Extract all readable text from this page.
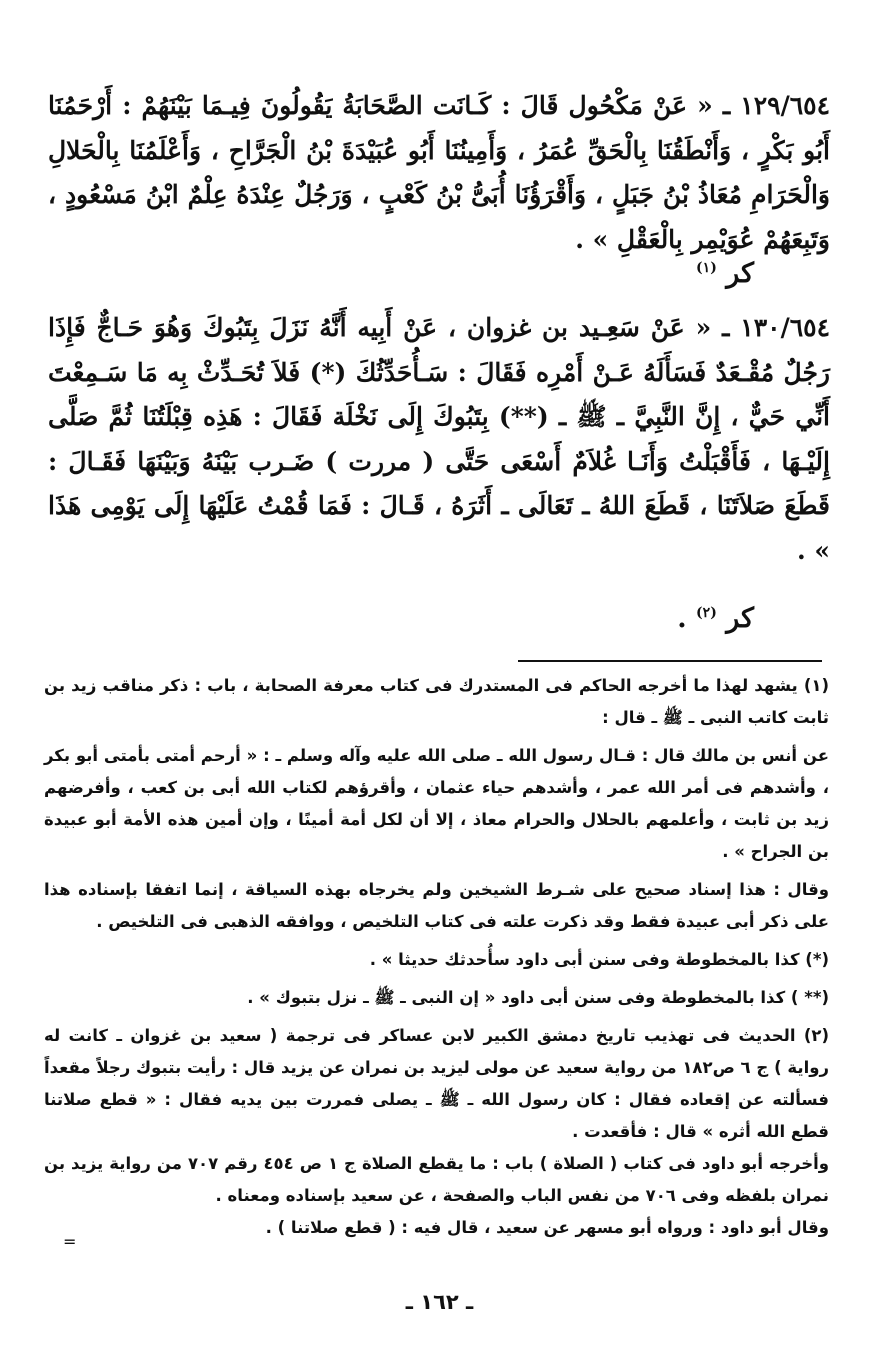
١٢٩/٦٥٤ ـ « عَنْ مَكْحُول قَالَ : كَـانَت الصَّحَابَةُ يَقُولُونَ فِيـمَا بَيْنَهُمْ : أَرْحَمُنَا أَبُو بَكْرٍ ، وَأَنْطَقُنَا بِالْحَقِّ عُمَرُ ، وَأَمِينُنَا أَبُو عُبَيْدَةَ بْنُ الْجَرَّاحِ ، وَأَعْلَمُنَا بِالْحَلالِ وَالْحَرَامِ مُعَاذُ بْنُ جَبَلٍ ، وَأَقْرَؤُنَا أُبَىُّ بْنُ كَعْبٍ ، وَرَجُلٌ عِنْدَهُ عِلْمٌ ابْنُ مَسْعُودٍ ، وَتَبِعَهُمْ عُوَيْمِر بِالْعَقْلِ » .

كر $^{(١)}$

١٣٠/٦٥٤ ـ « عَنْ سَعِـيد بن غزوان ، عَنْ أَبِيه أَنَّهُ نَزَلَ بِتَبُوكَ وَهُوَ حَـاجٌّ فَإِذَا رَجُلٌ مُقْـعَدٌ فَسَأَلَهُ عَـنْ أَمْرِه فَقَالَ : سَـأُحَدِّثُكَ (*) فَلاَ تُحَـدِّثْ بِه مَا سَـمِعْتَ أَنِّي حَيٌّ ، إِنَّ النَّبِيَّ ـ ﷺ ـ (**) بِتَبُوكَ إِلَى نَخْلَة فَقَالَ : هَذِه قِبْلَتُنَا ثُمَّ صَلَّى إِلَيْـهَا ، فَأَقْبَلْتُ وَأَنَـا غُلاَمٌ أَسْعَى حَتَّى ( مررت ) ضَـرب بَيْنَهُ وَبَيْنَهَا فَقَـالَ : قَطَعَ صَلاَتَنَا ، قَطَعَ اللهُ ـ تَعَالَى ـ أَثَرَهُ ، قَـالَ : فَمَا قُمْتُ عَلَيْهَا إِلَى يَوْمِى هَذَا » .

كر $^{(٢)}$ .

(١) يشهد لهذا ما أخرجه الحاكم فى المستدرك فى كتاب معرفة الصحابة ، باب : ذكر مناقب زيد بن ثابت كاتب النبى ـ ﷺ ـ قال :

عن أنس بن مالك قال : قـال رسول الله ـ صلى الله عليه وآله وسلم ـ : « أرحم أمتى بأمتى أبو بكر ، وأشدهم فى أمر الله عمر ، وأشدهم حياء عثمان ، وأقرؤهم لكتاب الله أبى بن كعب ، وأفرضهم زيد بن ثابت ، وأعلمهم بالحلال والحرام معاذ ، إلا أن لكل أمة أمينًا ، وإن أمين هذه الأمة أبو عبيدة بن الجراح » .

وقال : هذا إسناد صحيح على شـرط الشيخين ولم يخرجاه بهذه السياقة ، إنما اتفقا بإسناده هذا على ذكر أبى عبيدة فقط وقد ذكرت علته فى كتاب التلخيص ، ووافقه الذهبى فى التلخيص .

(*) كذا بالمخطوطة وفى سنن أبى داود سأُحدثك حديثا » .

(** ) كذا بالمخطوطة وفى سنن أبى داود « إن النبى ـ ﷺ ـ نزل بتبوك » .

(٢) الحديث فى تهذيب تاريخ دمشق الكبير لابن عساكر فى ترجمة ( سعيد بن غزوان ـ كانت له رواية ) ج ٦ ص١٨٢ من رواية سعيد عن مولى ليزيد بن نمران عن يزيد قال : رأيت بتبوك رجلاً مقعداً فسألته عن إقعاده فقال : كان رسول الله ـ ﷺ ـ يصلى فمررت بين يديه فقال : « قطع صلاتنا قطع الله أثره » قال : فأقعدت .

وأخرجه أبو داود فى كتاب ( الصلاة ) باب : ما يقطع الصلاة ج ١ ص ٤٥٤ رقم ٧٠٧ من رواية يزيد بن نمران بلفظه وفى ٧٠٦ من نفس الباب والصفحة ، عن سعيد بإسناده ومعناه .

وقال أبو داود : ورواه أبو مسهر عن سعيد ، قال فيه : ( قطع صلاتنا ) .

=
ـ ١٦٢ ـ
